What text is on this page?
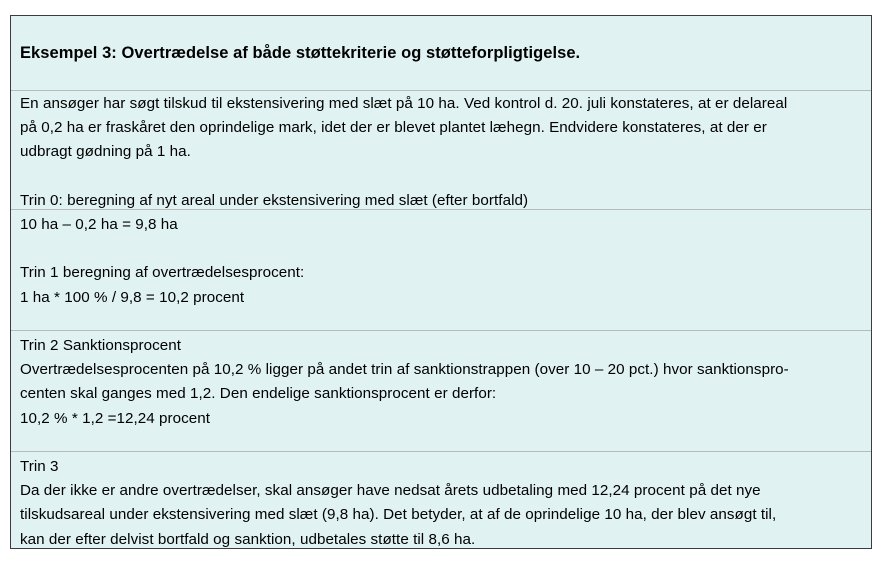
Eksempel 3: Overtrædelse af både støttekriterie og støtteforpligtigelse.
En ansøger har søgt tilskud til ekstensivering med slæt på 10 ha. Ved kontrol d. 20. juli konstateres, at er delareal
på 0,2 ha er fraskåret den oprindelige mark, idet der er blevet plantet læhegn. Endvidere konstateres, at der er
udbragt gødning på 1 ha.
Trin 0: beregning af nyt areal under ekstensivering med slæt (efter bortfald)
10 ha – 0,2 ha = 9,8 ha
Trin 1 beregning af overtrædelsesprocent:
1 ha * 100 % / 9,8 = 10,2 procent
Trin 2 Sanktionsprocent
Overtrædelsesprocenten på 10,2 % ligger på andet trin af sanktionstrappen (over 10 – 20 pct.) hvor sanktionspro-
centen skal ganges med 1,2. Den endelige sanktionsprocent er derfor:
10,2 % * 1,2 =12,24 procent
Trin 3
Da der ikke er andre overtrædelser, skal ansøger have nedsat årets udbetaling med 12,24 procent på det nye
tilskudsareal under ekstensivering med slæt (9,8 ha). Det betyder, at af de oprindelige 10 ha, der blev ansøgt til,
kan der efter delvist bortfald og sanktion, udbetales støtte til 8,6 ha.
